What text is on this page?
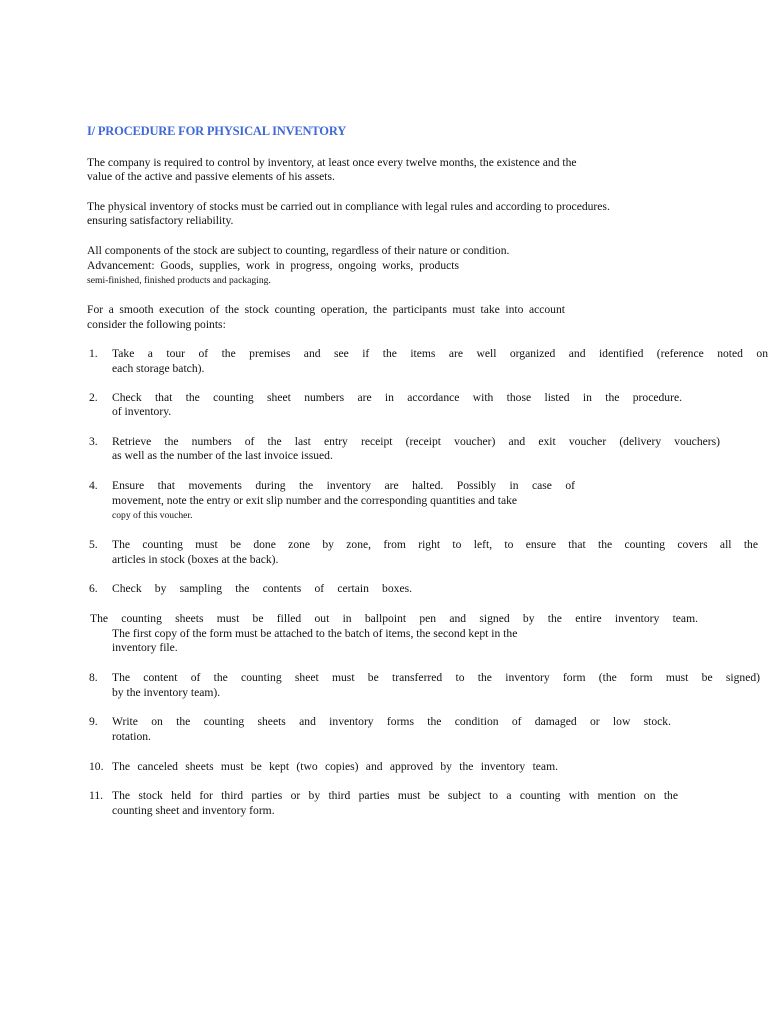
I/ PROCEDURE FOR PHYSICAL INVENTORY
The company is required to control by inventory, at least once every twelve months, the existence and the
value of the active and passive elements of his assets.
The physical inventory of stocks must be carried out in compliance with legal rules and according to procedures.
ensuring satisfactory reliability.
All components of the stock are subject to counting, regardless of their nature or condition.
Advancement: Goods, supplies, work in progress, ongoing works, products
semi-finished, finished products and packaging.
For a smooth execution of the stock counting operation, the participants must take into account
consider the following points:
1. Take a tour of the premises and see if the items are well organized and identified (reference noted on
each storage batch).
2. Check that the counting sheet numbers are in accordance with those listed in the procedure.
of inventory.
3. Retrieve the numbers of the last entry receipt (receipt voucher) and exit voucher (delivery vouchers)
as well as the number of the last invoice issued.
4. Ensure that movements during the inventory are halted. Possibly in case of
movement, note the entry or exit slip number and the corresponding quantities and take
copy of this voucher.
5. The counting must be done zone by zone, from right to left, to ensure that the counting covers all the
articles in stock (boxes at the back).
6. Check by sampling the contents of certain boxes.
The counting sheets must be filled out in ballpoint pen and signed by the entire inventory team.
The first copy of the form must be attached to the batch of items, the second kept in the
inventory file.
8. The content of the counting sheet must be transferred to the inventory form (the form must be signed)
by the inventory team).
9. Write on the counting sheets and inventory forms the condition of damaged or low stock.
rotation.
10. The canceled sheets must be kept (two copies) and approved by the inventory team.
11. The stock held for third parties or by third parties must be subject to a counting with mention on the
counting sheet and inventory form.
